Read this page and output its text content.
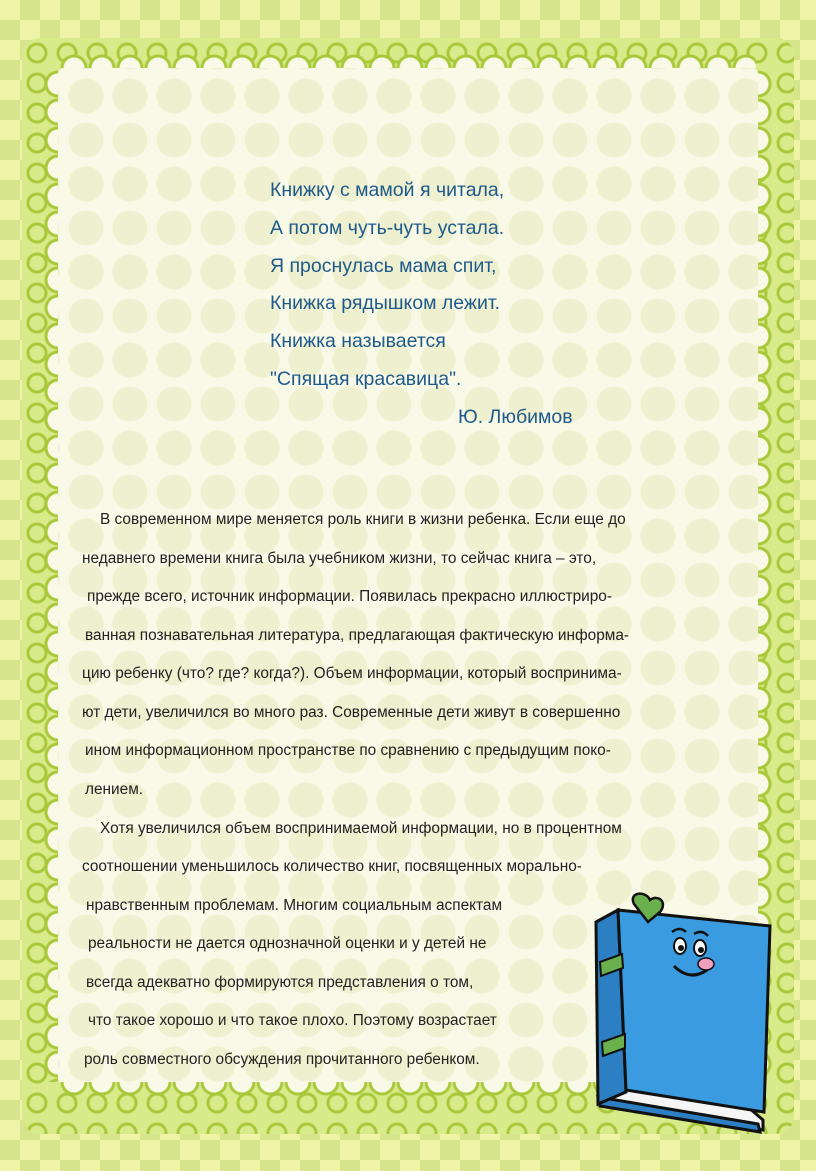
Книжку с мамой я читала,
А потом чуть-чуть устала.
Я проснулась мама спит,
Книжка рядышком лежит.
Книжка называется
"Спящая красавица".
Ю. Любимов
В современном мире меняется роль книги в жизни ребенка. Если еще до
недавнего времени книга была учебником жизни, то сейчас книга – это,
прежде всего, источник информации. Появилась прекрасно иллюстриро-
ванная познавательная литература, предлагающая фактическую информа-
цию ребенку (что? где? когда?). Объем информации, который воспринима-
ют дети, увеличился во много раз. Современные дети живут в совершенно
ином информационном пространстве по сравнению с предыдущим поко-
лением.
Хотя увеличился объем воспринимаемой информации, но в процентном
соотношении уменьшилось количество книг, посвященных морально-
нравственным проблемам. Многим социальным аспектам
реальности не дается однозначной оценки и у детей не
всегда адекватно формируются представления о том,
что такое хорошо и что такое плохо. Поэтому возрастает
роль совместного обсуждения прочитанного ребенком.
